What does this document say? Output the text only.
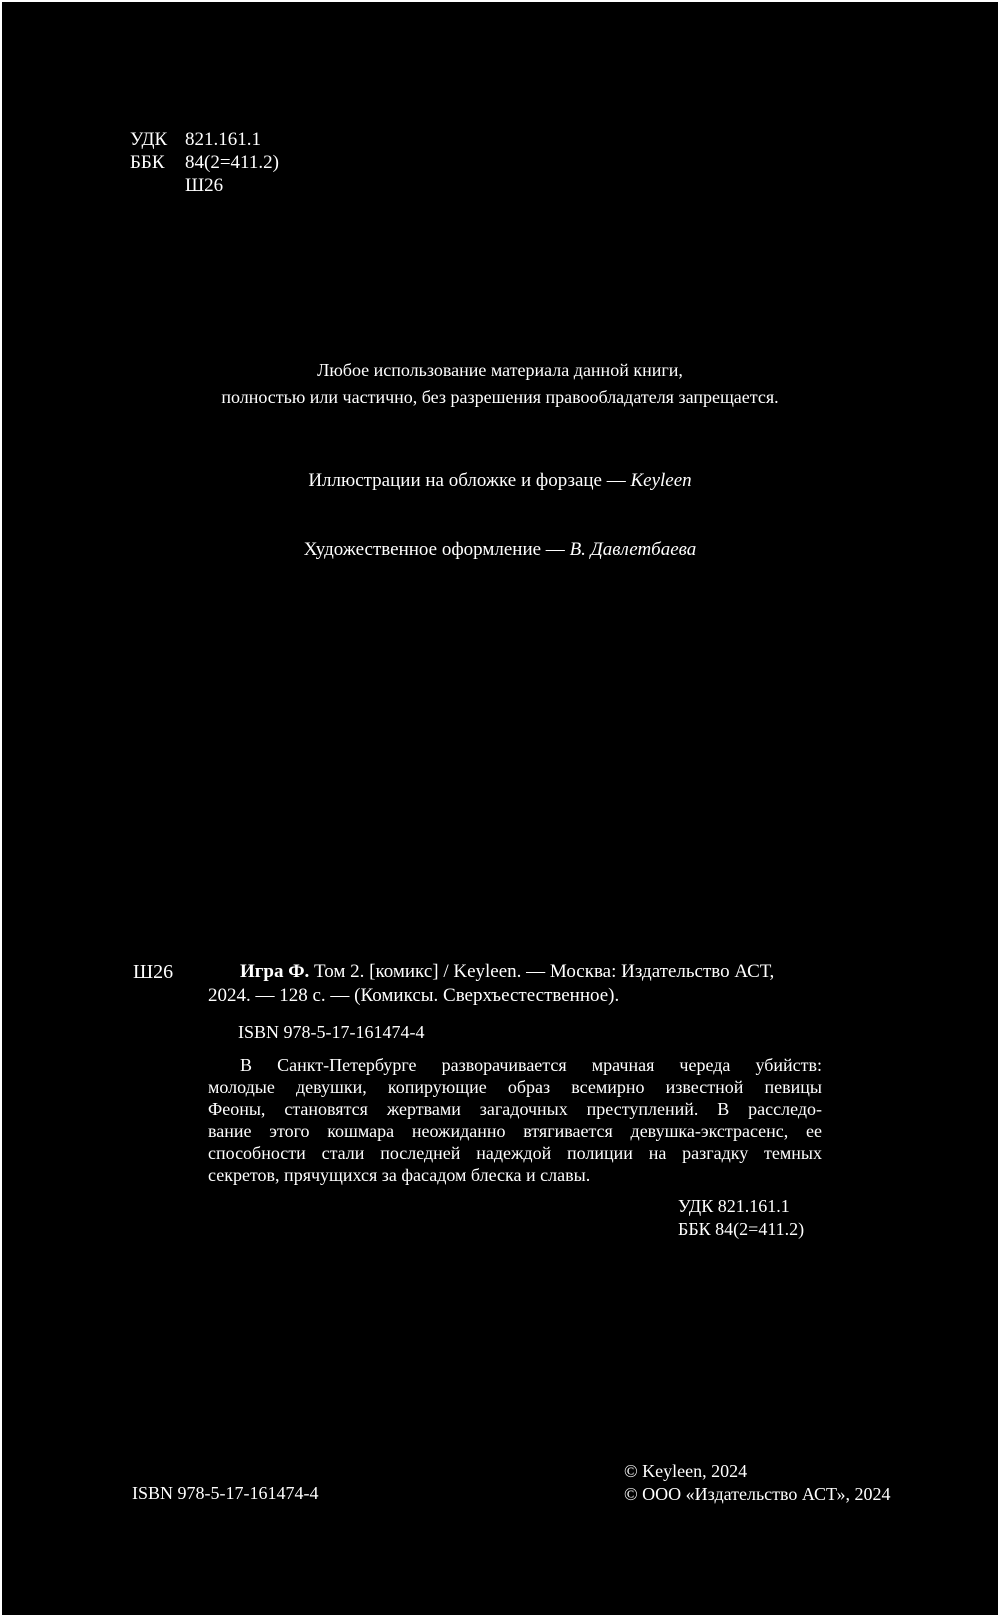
УДК 821.161.1
ББК 84(2=411.2)
Ш26
Любое использование материала данной книги,
полностью или частично, без разрешения правообладателя запрещается.
Иллюстрации на обложке и форзаце — Keyleen
Художественное оформление — В. Давлетбаева
Ш26	Игра Ф. Том 2. [комикс] / Keyleen. — Москва: Издательство АСТ,

2024. — 128 с. — (Комиксы. Сверхъестественное).

ISBN 978-5-17-161474-4
В Санкт-Петербурге разворачивается мрачная череда убийств:
молодые девушки, копирующие образ всемирно известной певицы
Феоны, становятся жертвами загадочных преступлений. В расследо-
вание этого кошмара неожиданно втягивается девушка-экстрасенс, ее
способности стали последней надеждой полиции на разгадку темных
секретов, прячущихся за фасадом блеска и славы.
УДК 821.161.1
ББК 84(2=411.2)
ISBN 978-5-17-161474-4
© Keyleen, 2024
© ООО «Издательство АСТ», 2024
